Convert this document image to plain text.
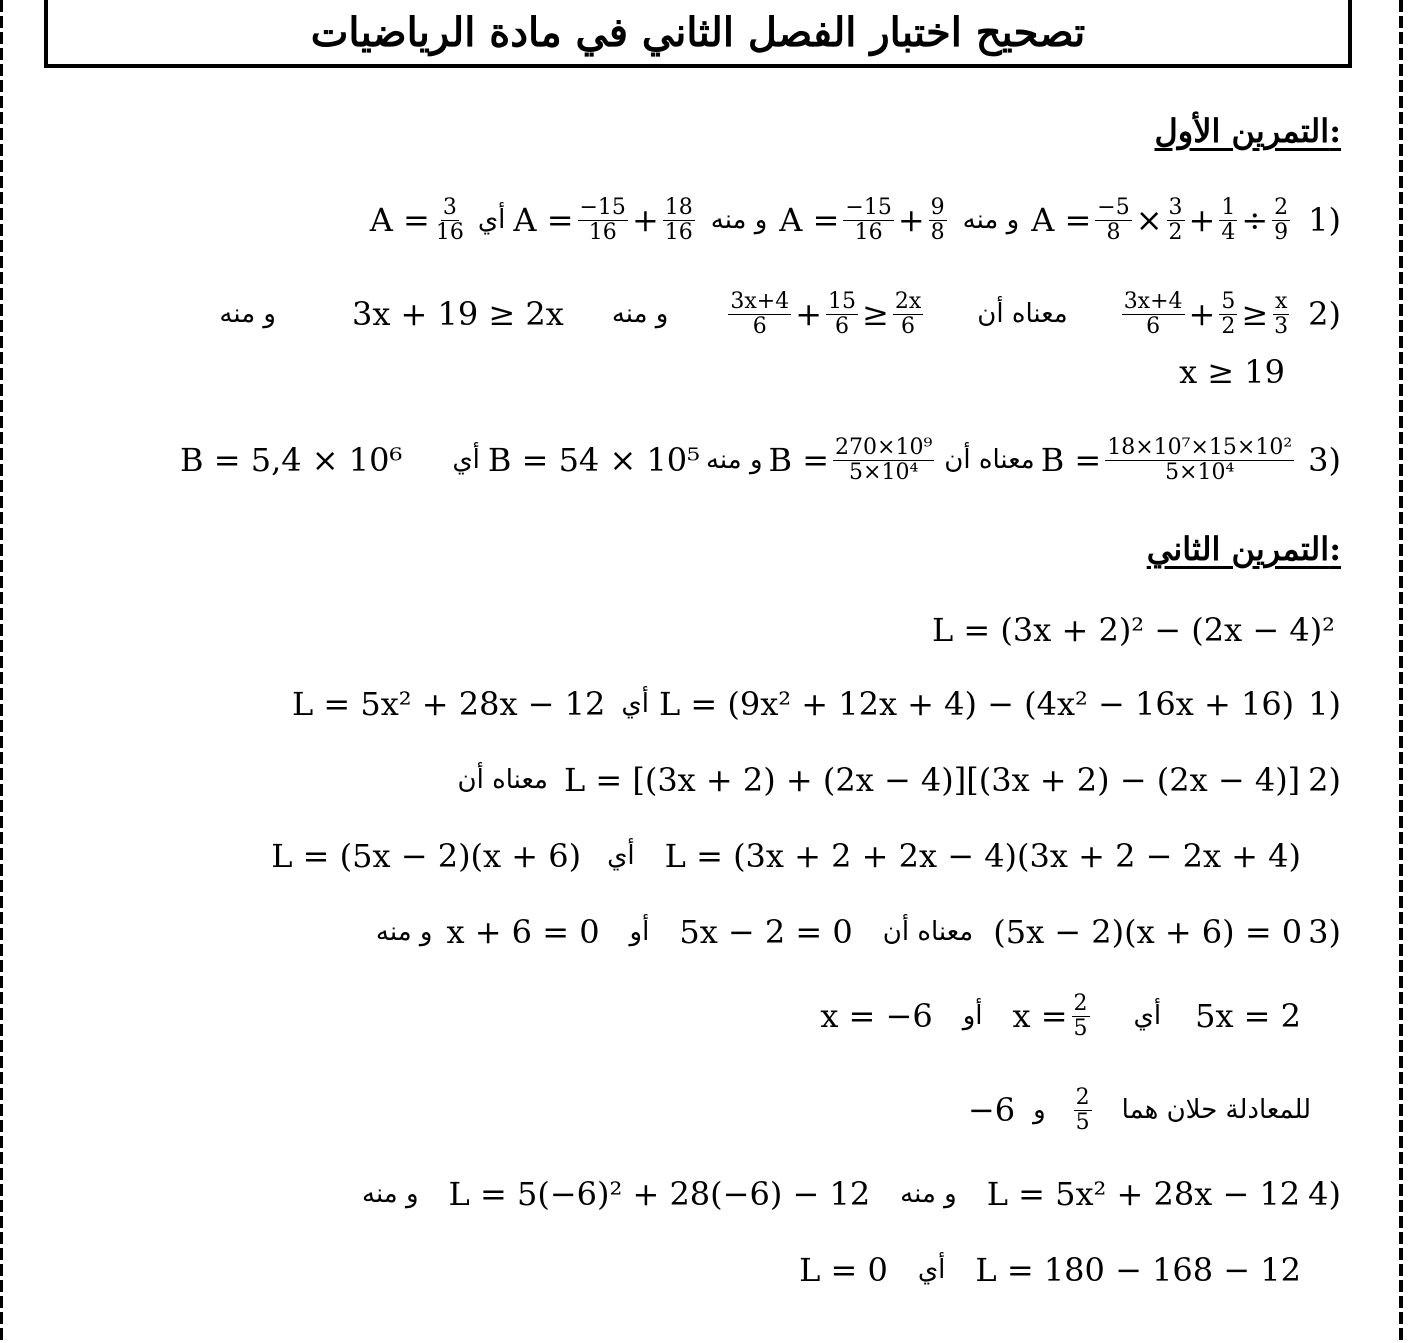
تصحيح اختبار الفصل الثاني في مادة الرياضيات
التمرين الأول:
1)
$A = \frac{-5}{8} \times \frac{3}{2} + \frac{1}{4} \div \frac{2}{9}$
و منه
$A = \frac{-15}{16} + \frac{9}{8}$
و منه
$A = \frac{-15}{16} + \frac{18}{16}$
أي
$A = \frac{3}{16}$
2)
$\frac{3x+4}{6} + \frac{5}{2} \ge \frac{x}{3}$
معناه أن
$\frac{3x+4}{6} + \frac{15}{6} \ge \frac{2x}{6}$
و منه
3x + 19 ≥ 2x
و منه
x ≥ 19
3)
$B = \frac{\text{18×10⁷×15×10²}}{\text{5×10⁴}}$
معناه أن
$B = \frac{\text{270×10⁹}}{\text{5×10⁴}}$
و منه
B = 54 × 10⁵
أي
B = 5,4 × 10⁶
التمرين الثاني:
L = (3x + 2)² − (2x − 4)²
1)
L = (9x² + 12x + 4) − (4x² − 16x + 16)
أي
L = 5x² + 28x − 12
2)
L = [(3x + 2) + (2x − 4)][(3x + 2) − (2x − 4)]
معناه أن
L = (3x + 2 + 2x − 4)(3x + 2 − 2x + 4)
أي
L = (5x − 2)(x + 6)
3)
(5x − 2)(x + 6) = 0
معناه أن
5x − 2 = 0
أو
x + 6 = 0
و منه
5x = 2
أي
$x = \frac{2}{5}$
أو
x = −6
للمعادلة حلان هما
$\frac{2}{5}$
و
−6
4)
L = 5x² + 28x − 12
و منه
L = 5(−6)² + 28(−6) − 12
و منه
L = 180 − 168 − 12
أي
L = 0
